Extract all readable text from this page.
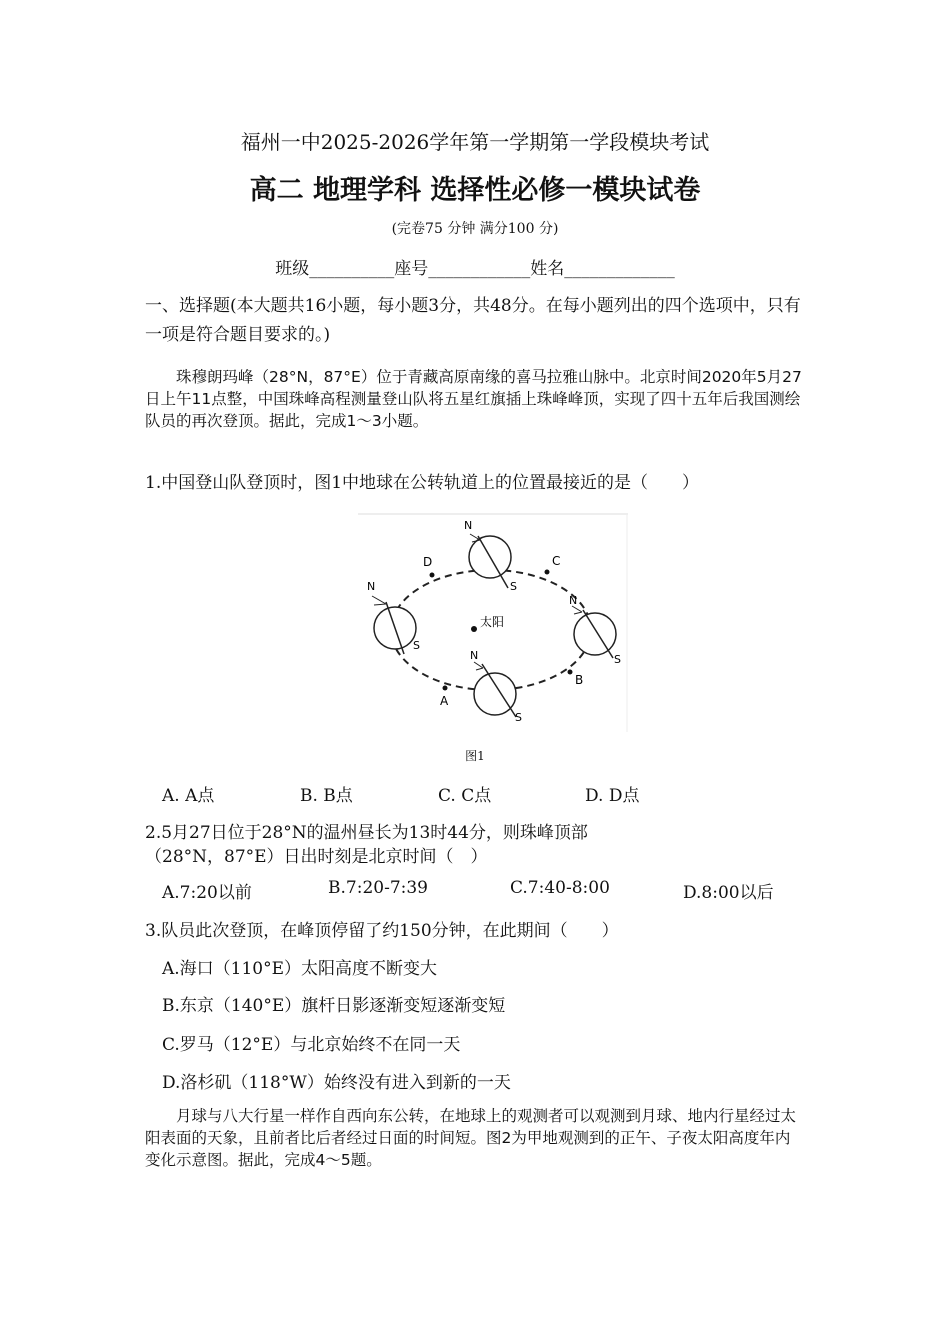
福州一中2025-2026学年第一学期第一学段模块考试
高二 地理学科 选择性必修一模块试卷
(完卷75 分钟 满分100 分)
班级__________座号____________姓名_____________
一、选择题(本大题共16小题，每小题3分，共48分。在每小题列出的四个选项中，只有一项是符合题目要求的。)
珠穆朗玛峰（28°N，87°E）位于青藏高原南缘的喜马拉雅山脉中。北京时间2020年5月27日上午11点整，中国珠峰高程测量登山队将五星红旗插上珠峰峰顶，实现了四十五年后我国测绘队员的再次登顶。据此，完成1～3小题。
1.中国登山队登顶时，图1中地球在公转轨道上的位置最接近的是（　　）
太阳
N
S
N
S
N
S
N
S
A
B
C
D
图1
A. A点	B. B点	C. C点	D. D点
2.5月27日位于28°N的温州昼长为13时44分，则珠峰顶部
（28°N，87°E）日出时刻是北京时间（　）
A.7:20以前	B.7:20-7:39	C.7:40-8:00	D.8:00以后
3.队员此次登顶，在峰顶停留了约150分钟，在此期间（　　）
A.海口（110°E）太阳高度不断变大
B.东京（140°E）旗杆日影逐渐变短逐渐变短
C.罗马（12°E）与北京始终不在同一天
D.洛杉矶（118°W）始终没有进入到新的一天
月球与八大行星一样作自西向东公转，在地球上的观测者可以观测到月球、地内行星经过太阳表面的天象，且前者比后者经过日面的时间短。图2为甲地观测到的正午、子夜太阳高度年内变化示意图。据此，完成4～5题。
